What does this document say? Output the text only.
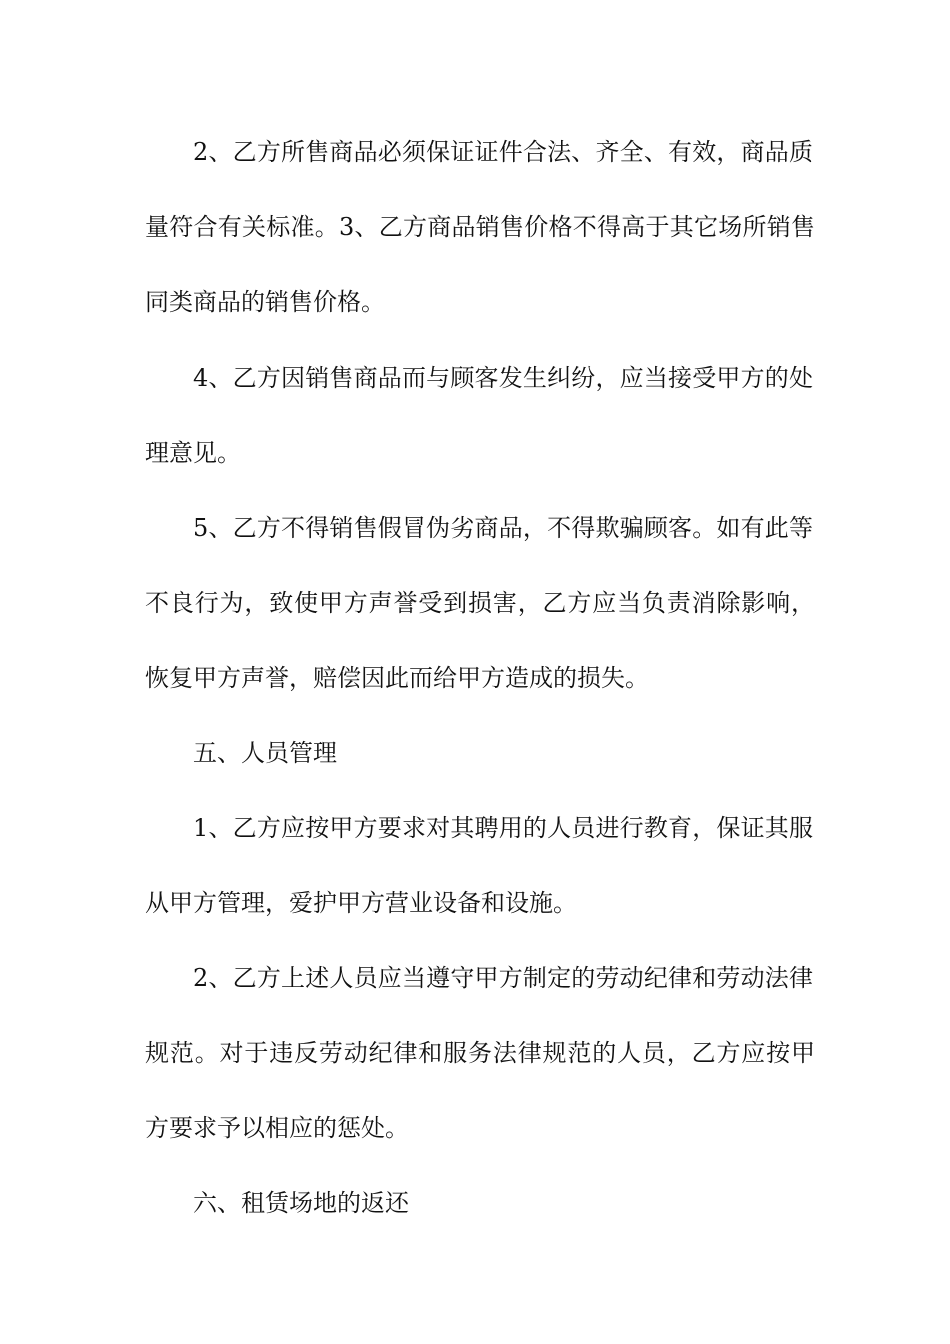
2、乙方所售商品必须保证证件合法、齐全、有效，商品质
量符合有关标准。3、乙方商品销售价格不得高于其它场所销售
同类商品的销售价格。
4、乙方因销售商品而与顾客发生纠纷，应当接受甲方的处
理意见。
5、乙方不得销售假冒伪劣商品，不得欺骗顾客。如有此等
不良行为，致使甲方声誉受到损害，乙方应当负责消除影响，
恢复甲方声誉，赔偿因此而给甲方造成的损失。
五、人员管理
1、乙方应按甲方要求对其聘用的人员进行教育，保证其服
从甲方管理，爱护甲方营业设备和设施。
2、乙方上述人员应当遵守甲方制定的劳动纪律和劳动法律
规范。对于违反劳动纪律和服务法律规范的人员，乙方应按甲
方要求予以相应的惩处。
六、租赁场地的返还
